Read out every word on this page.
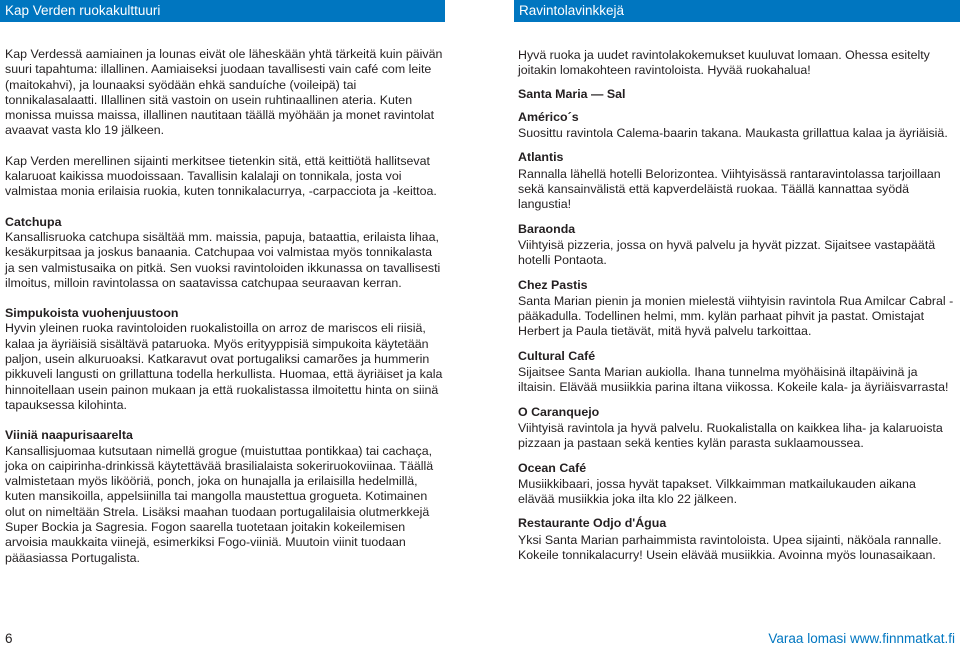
Kap Verden ruokakulttuuri

Kap Verdessä aamiainen ja lounas eivät ole läheskään yhtä tärkeitä kuin päivän suuri tapahtuma: illallinen. Aamiaiseksi juodaan tavallisesti vain café com leite (maitokahvi), ja lounaaksi syödään ehkä sanduíche (voileipä) tai tonnikalasalaatti. Illallinen sitä vastoin on usein ruhtinaallinen ateria. Kuten monissa muissa maissa, illallinen nautitaan täällä myöhään ja monet ravintolat avaavat vasta klo 19 jälkeen.

Kap Verden merellinen sijainti merkitsee tietenkin sitä, että keittiötä hallitsevat kalaruoat kaikissa muodoissaan. Tavallisin kalalaji on tonnikala, josta voi valmistaa monia erilaisia ruokia, kuten tonnikalacurrya, -carpacciota ja -keittoa.

Catchupa

Kansallisruoka catchupa sisältää mm. maissia, papuja, bataattia, erilaista lihaa, kesäkurpitsaa ja joskus banaania. Catchupaa voi valmistaa myös tonnikalasta ja sen valmistusaika on pitkä. Sen vuoksi ravintoloiden ikkunassa on tavallisesti ilmoitus, milloin ravintolassa on saatavissa catchupaa seuraavan kerran.

Simpukoista vuohenjuustoon

Hyvin yleinen ruoka ravintoloiden ruokalistoilla on arroz de mariscos eli riisiä, kalaa ja äyriäisiä sisältävä pataruoka. Myös erityyppisiä simpukoita käytetään paljon, usein alkuruoaksi. Katkaravut ovat portugaliksi camarões ja hummerin pikkuveli langusti on grillattuna todella herkullista. Huomaa, että äyriäiset ja kala hinnoitellaan usein painon mukaan ja että ruokalistassa ilmoitettu hinta on siinä tapauksessa kilohinta.

Viiniä naapurisaarelta

Kansallisjuomaa kutsutaan nimellä grogue (muistuttaa pontikkaa) tai cachaça, joka on caipirinha-drinkissä käytettävää brasilialaista sokeriruokoviinaa. Täällä valmistetaan myös likööriä, ponch, joka on hunajalla ja erilaisilla hedelmillä, kuten mansikoilla, appelsiinilla tai mangolla maustettua grogueta. Kotimainen olut on nimeltään Strela. Lisäksi maahan tuodaan portugalilaisia olutmerkkejä Super Bockia ja Sagresia. Fogon saarella tuotetaan joitakin kokeilemisen arvoisia maukkaita viinejä, esimerkiksi Fogo-viiniä. Muutoin viinit tuodaan pääasiassa Portugalista.

Ravintolavinkkejä

Hyvä ruoka ja uudet ravintolakokemukset kuuluvat lomaan. Ohessa esitelty joitakin lomakohteen ravintoloista. Hyvää ruokahalua!

Santa Maria — Sal

Américo´s

Suosittu ravintola Calema-baarin takana. Maukasta grillattua kalaa ja äyriäisiä.

Atlantis

Rannalla lähellä hotelli Belorizontea. Viihtyisässä rantaravintolassa tarjoillaan sekä kansainvälistä että kapverdeläistä ruokaa. Täällä kannattaa syödä langustia!

Baraonda

Viihtyisä pizzeria, jossa on hyvä palvelu ja hyvät pizzat. Sijaitsee vastapäätä hotelli Pontaota.

Chez Pastis

Santa Marian pienin ja monien mielestä viihtyisin ravintola Rua Amilcar Cabral -pääkadulla. Todellinen helmi, mm. kylän parhaat pihvit ja pastat. Omistajat Herbert ja Paula tietävät, mitä hyvä palvelu tarkoittaa.

Cultural Café

Sijaitsee Santa Marian aukiolla. Ihana tunnelma myöhäisinä iltapäivinä ja iltaisin. Elävää musiikkia parina iltana viikossa. Kokeile kala- ja äyriäisvarrasta!

O Caranquejo

Viihtyisä ravintola ja hyvä palvelu. Ruokalistalla on kaikkea liha- ja kalaruoista pizzaan ja pastaan sekä kenties kylän parasta suklaamoussea.

Ocean Café

Musiikkibaari, jossa hyvät tapakset. Vilkkaimman matkailukauden aikana elävää musiikkia joka ilta klo 22 jälkeen.

Restaurante Odjo d'Água

Yksi Santa Marian parhaimmista ravintoloista. Upea sijainti, näköala rannalle. Kokeile tonnikalacurry! Usein elävää musiikkia. Avoinna myös lounasaikaan.

6	Varaa lomasi www.finnmatkat.fi
